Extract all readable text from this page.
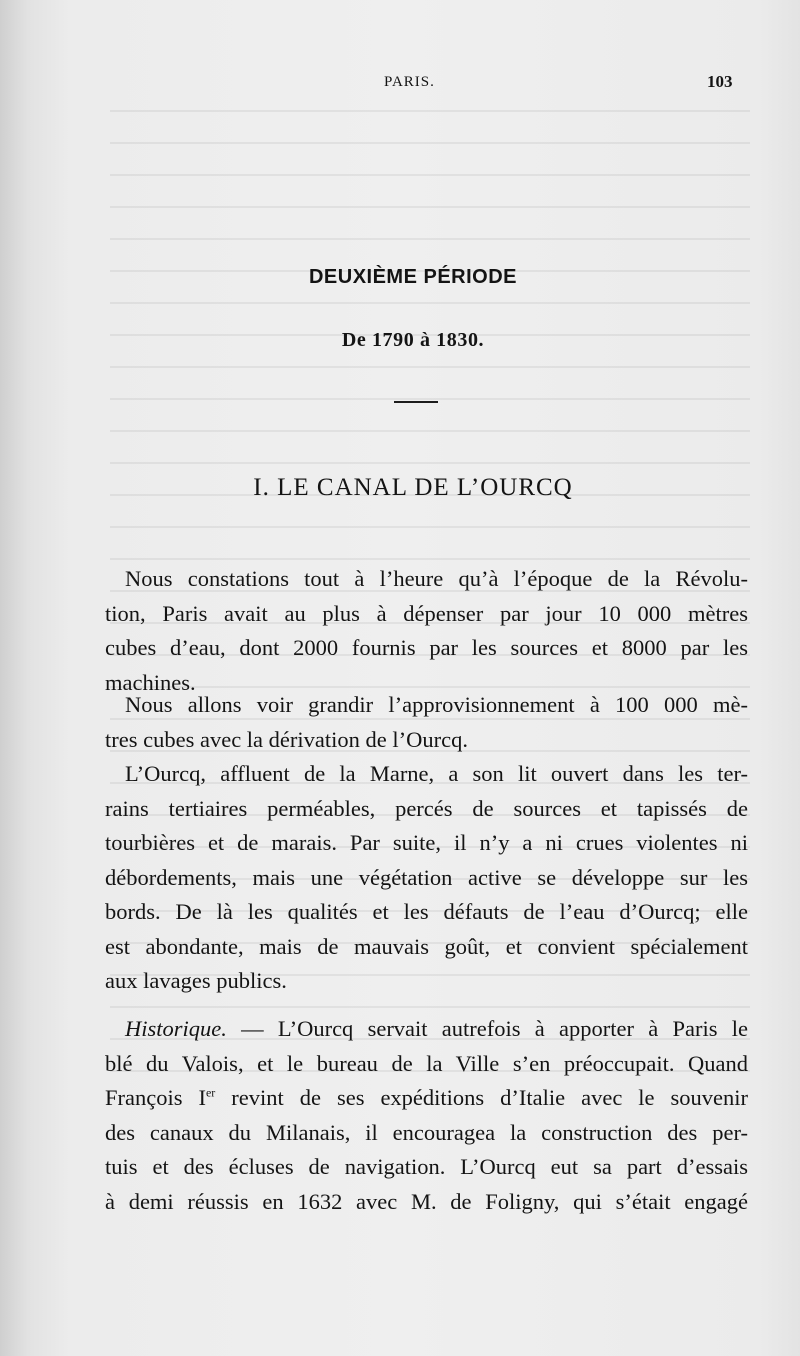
PARIS.	103
DEUXIÈME PÉRIODE
De 1790 à 1830.
I. LE CANAL DE L’OURCQ
Nous constations tout à l’heure qu’à l’époque de la Révolu-
tion, Paris avait au plus à dépenser par jour 10 000 mètres
cubes d’eau, dont 2000 fournis par les sources et 8000 par les
machines.
Nous allons voir grandir l’approvisionnement à 100 000 mè-
tres cubes avec la dérivation de l’Ourcq.
L’Ourcq, affluent de la Marne, a son lit ouvert dans les ter-
rains tertiaires perméables, percés de sources et tapissés de
tourbières et de marais. Par suite, il n’y a ni crues violentes ni
débordements, mais une végétation active se développe sur les
bords. De là les qualités et les défauts de l’eau d’Ourcq; elle
est abondante, mais de mauvais goût, et convient spécialement
aux lavages publics.
Historique. — L’Ourcq servait autrefois à apporter à Paris le
blé du Valois, et le bureau de la Ville s’en préoccupait. Quand
François Ier revint de ses expéditions d’Italie avec le souvenir
des canaux du Milanais, il encouragea la construction des per-
tuis et des écluses de navigation. L’Ourcq eut sa part d’essais
à demi réussis en 1632 avec M. de Foligny, qui s’était engagé
